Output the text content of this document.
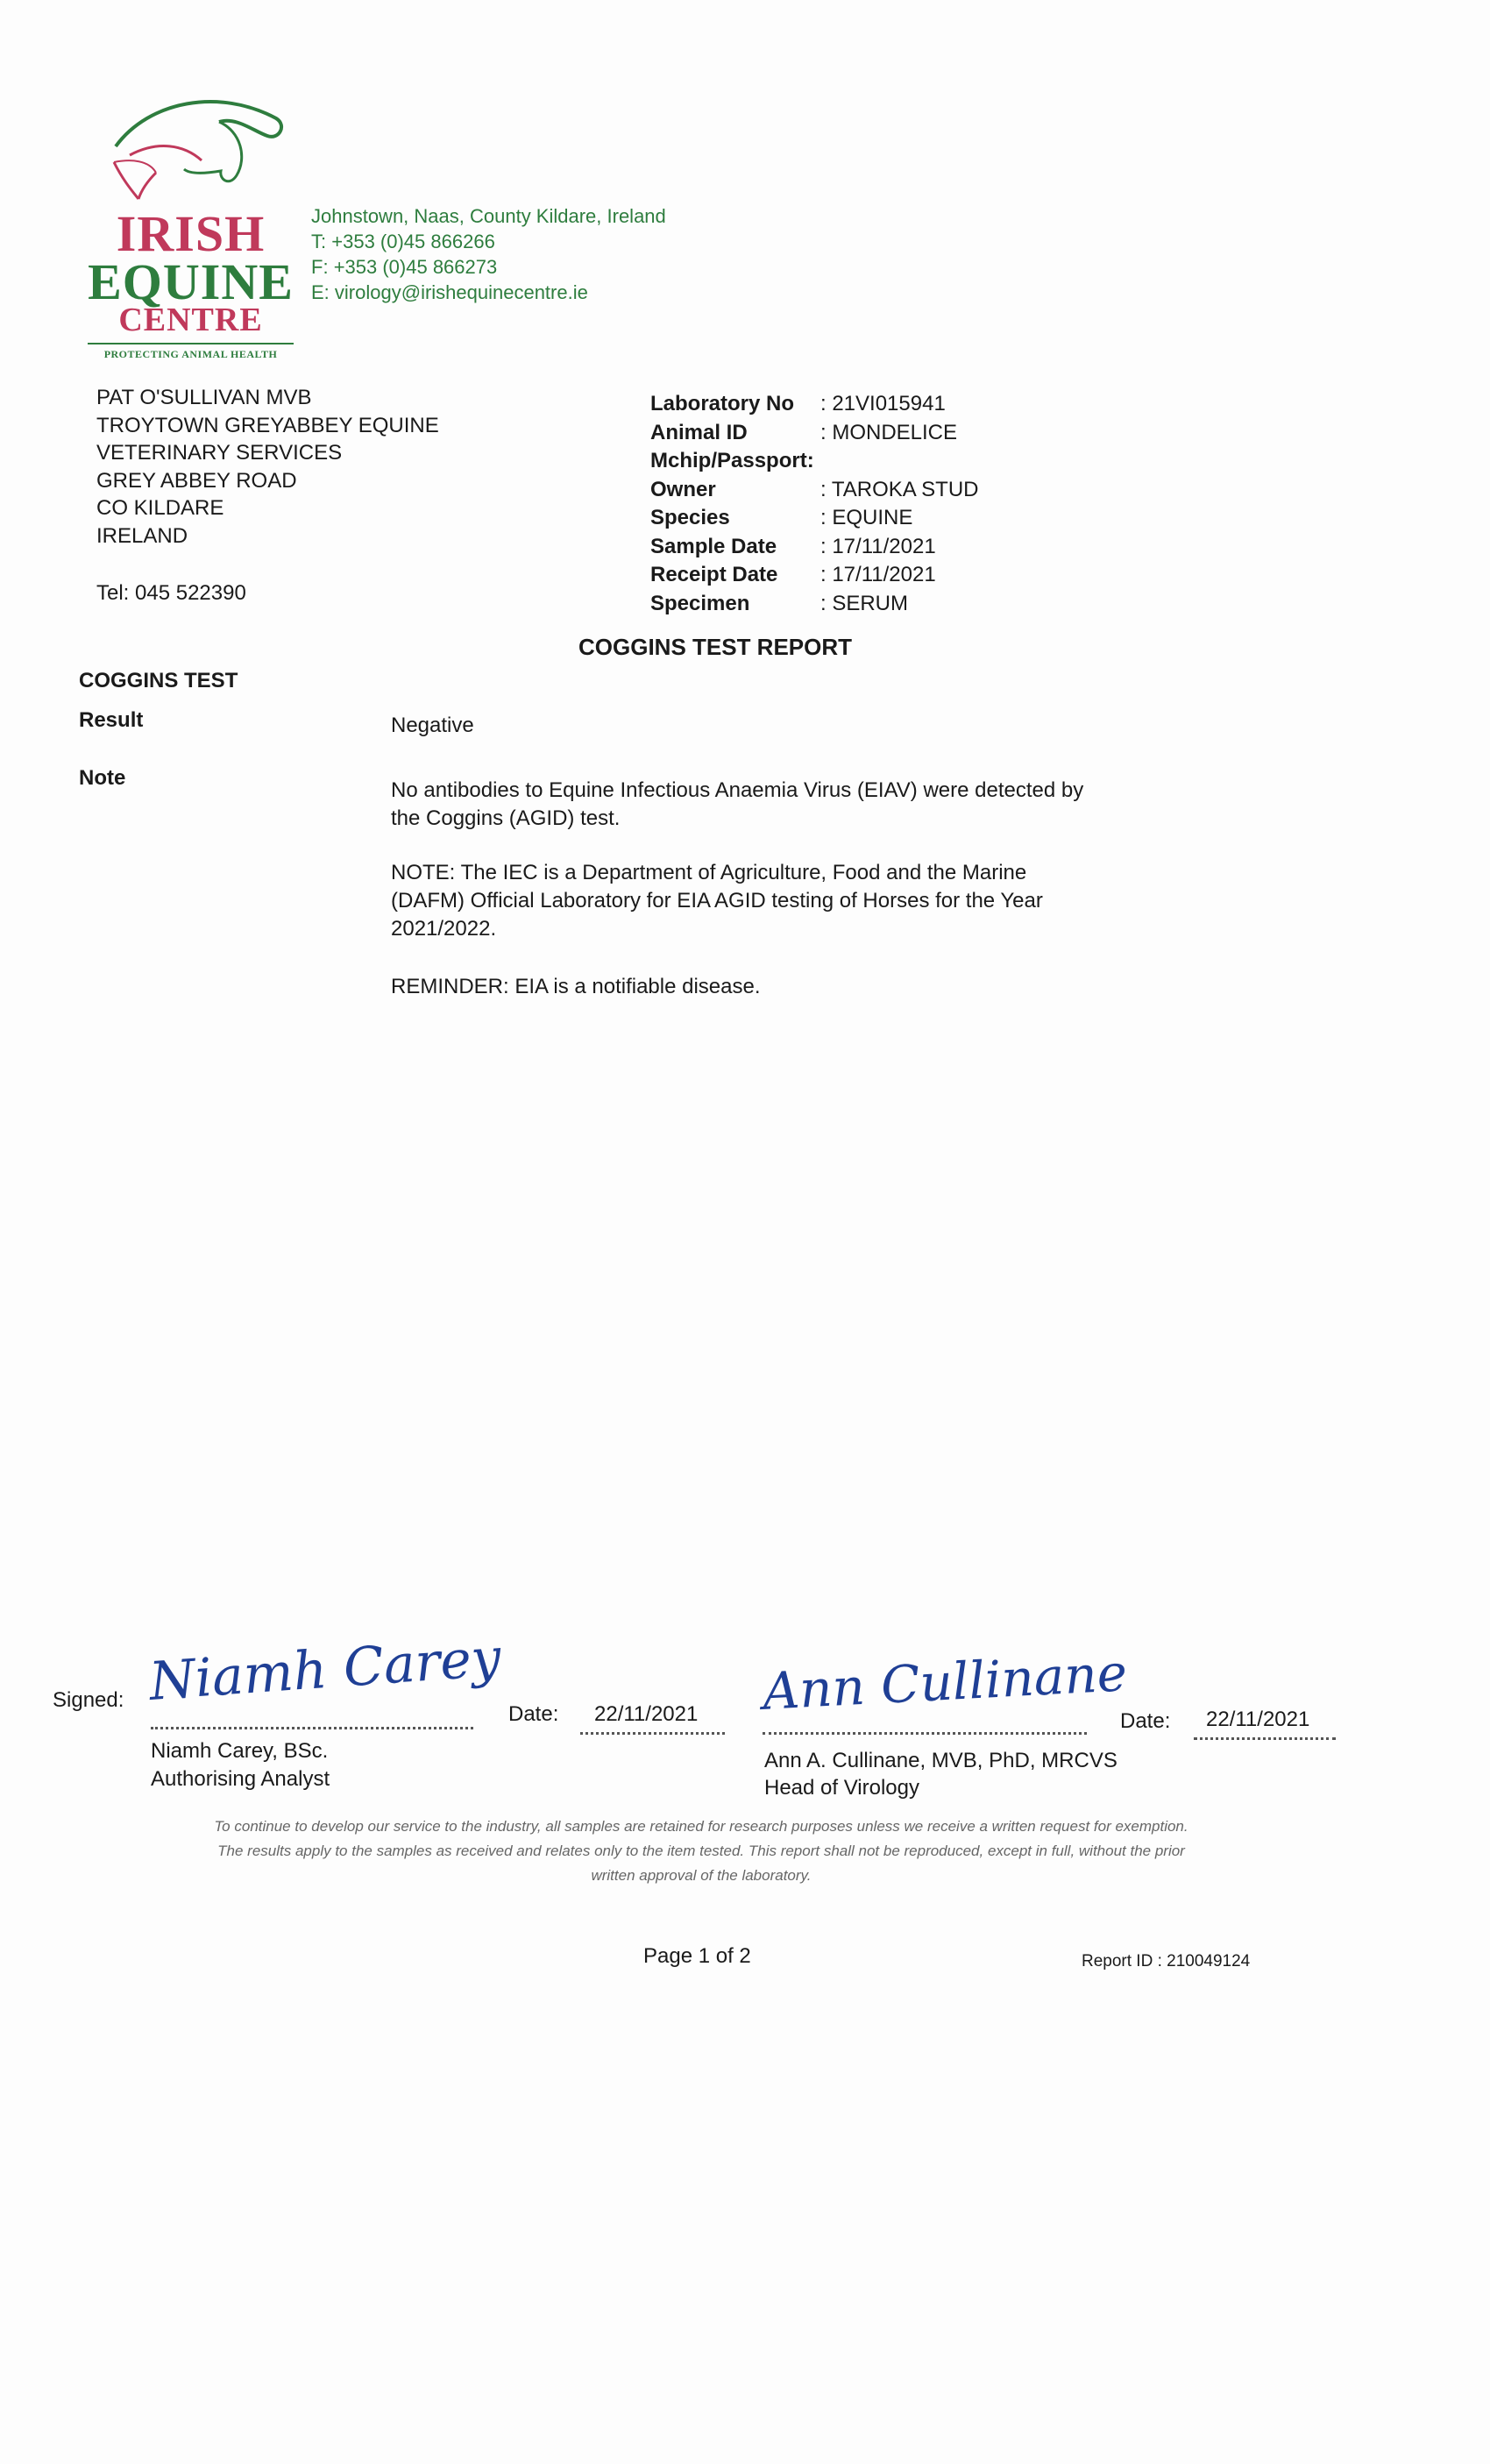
IRISH
EQUINE
CENTRE
PROTECTING ANIMAL HEALTH
Johnstown, Naas, County Kildare, Ireland
T: +353 (0)45 866266
F: +353 (0)45 866273
E: virology@irishequinecentre.ie
PAT O'SULLIVAN MVB
TROYTOWN GREYABBEY EQUINE
VETERINARY SERVICES
GREY ABBEY ROAD
CO KILDARE
IRELAND
Tel: 045 522390
Laboratory No : 21VI015941
Animal ID	: MONDELICE
Mchip/Passport:
Owner	: TAROKA STUD
Species	: EQUINE
Sample Date : 17/11/2021
Receipt Date : 17/11/2021
Specimen	: SERUM
COGGINS TEST REPORT
COGGINS TEST
Result	Negative
Note
No antibodies to Equine Infectious Anaemia Virus (EIAV) were detected by the Coggins (AGID) test.
NOTE: The IEC is a Department of Agriculture, Food and the Marine (DAFM) Official Laboratory for EIA AGID testing of Horses for the Year 2021/2022.
REMINDER: EIA is a notifiable disease.
Signed: Niamh Carey
Niamh Carey, BSc.
Authorising Analyst
Date: 22/11/2021 Ann Cullinane
Ann A. Cullinane, MVB, PhD, MRCVS
Head of Virology
Date: 22/11/2021
To continue to develop our service to the industry, all samples are retained for research purposes unless we receive a written request for exemption.
The results apply to the samples as received and relates only to the item tested. This report shall not be reproduced, except in full, without the prior
written approval of the laboratory.
Page 1 of 2	Report ID : 210049124
